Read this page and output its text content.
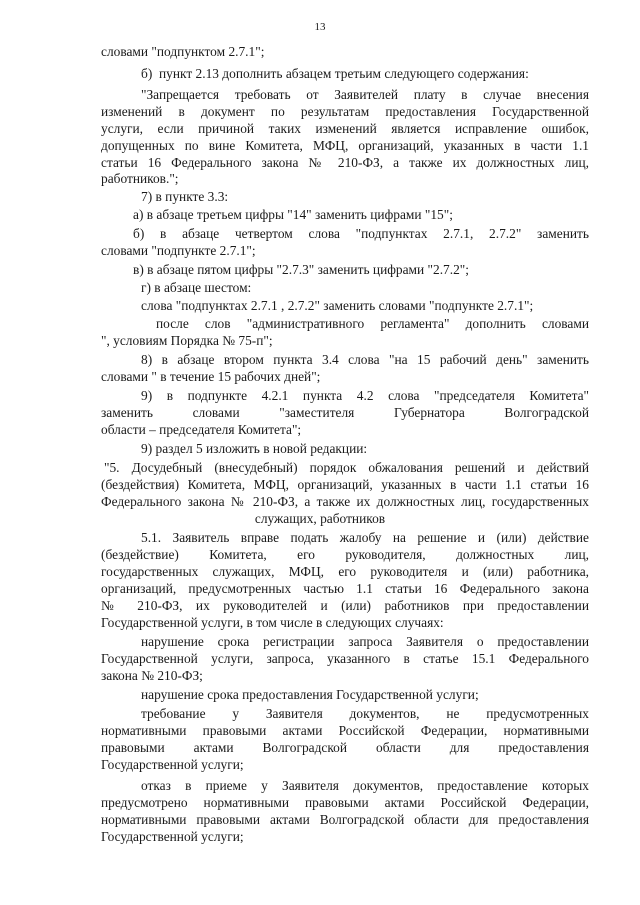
13
словами "подпунктом 2.7.1";
б)  пункт 2.13 дополнить абзацем третьим следующего содержания:
"Запрещается требовать от Заявителей плату в случае внесения
изменений в документ по результатам предоставления Государственной
услуги, если причиной таких изменений является исправление ошибок,
допущенных по вине Комитета, МФЦ, организаций, указанных в части 1.1
статьи 16 Федерального закона № 210-ФЗ, а также их должностных лиц,
работников.";
7) в пункте 3.3:
а) в абзаце третьем цифры "14" заменить цифрами "15";
б) в абзаце четвертом слова "подпунктах 2.7.1, 2.7.2" заменить
словами "подпункте 2.7.1";
в) в абзаце пятом цифры "2.7.3" заменить цифрами "2.7.2";
г) в абзаце шестом:
слова "подпунктах 2.7.1 , 2.7.2" заменить словами "подпункте 2.7.1";
после слов "административного регламента" дополнить словами
", условиям Порядка № 75-п";
8) в абзаце втором пункта 3.4 слова "на 15 рабочий день" заменить
словами " в течение 15 рабочих дней";
9) в подпункте 4.2.1 пункта 4.2 слова "председателя Комитета"
заменить словами "заместителя Губернатора Волгоградской
области – председателя Комитета";
9) раздел 5 изложить в новой редакции:
"5. Досудебный (внесудебный) порядок обжалования решений и действий
(бездействия) Комитета, МФЦ, организаций, указанных в части 1.1 статьи 16
Федерального закона № 210-ФЗ, а также их должностных лиц, государственных
служащих, работников
5.1. Заявитель вправе подать жалобу на решение и (или) действие
(бездействие) Комитета, его руководителя, должностных лиц,
государственных служащих, МФЦ, его руководителя и (или) работника,
организаций, предусмотренных частью 1.1 статьи 16 Федерального закона
№ 210-ФЗ, их руководителей и (или) работников при предоставлении
Государственной услуги, в том числе в следующих случаях:
нарушение срока регистрации запроса Заявителя о предоставлении
Государственной услуги, запроса, указанного в статье 15.1 Федерального
закона № 210-ФЗ;
нарушение срока предоставления Государственной услуги;
требование у Заявителя документов, не предусмотренных
нормативными правовыми актами Российской Федерации, нормативными
правовыми актами Волгоградской области для предоставления
Государственной услуги;
отказ в приеме у Заявителя документов, предоставление которых
предусмотрено нормативными правовыми актами Российской Федерации,
нормативными правовыми актами Волгоградской области для предоставления
Государственной услуги;
